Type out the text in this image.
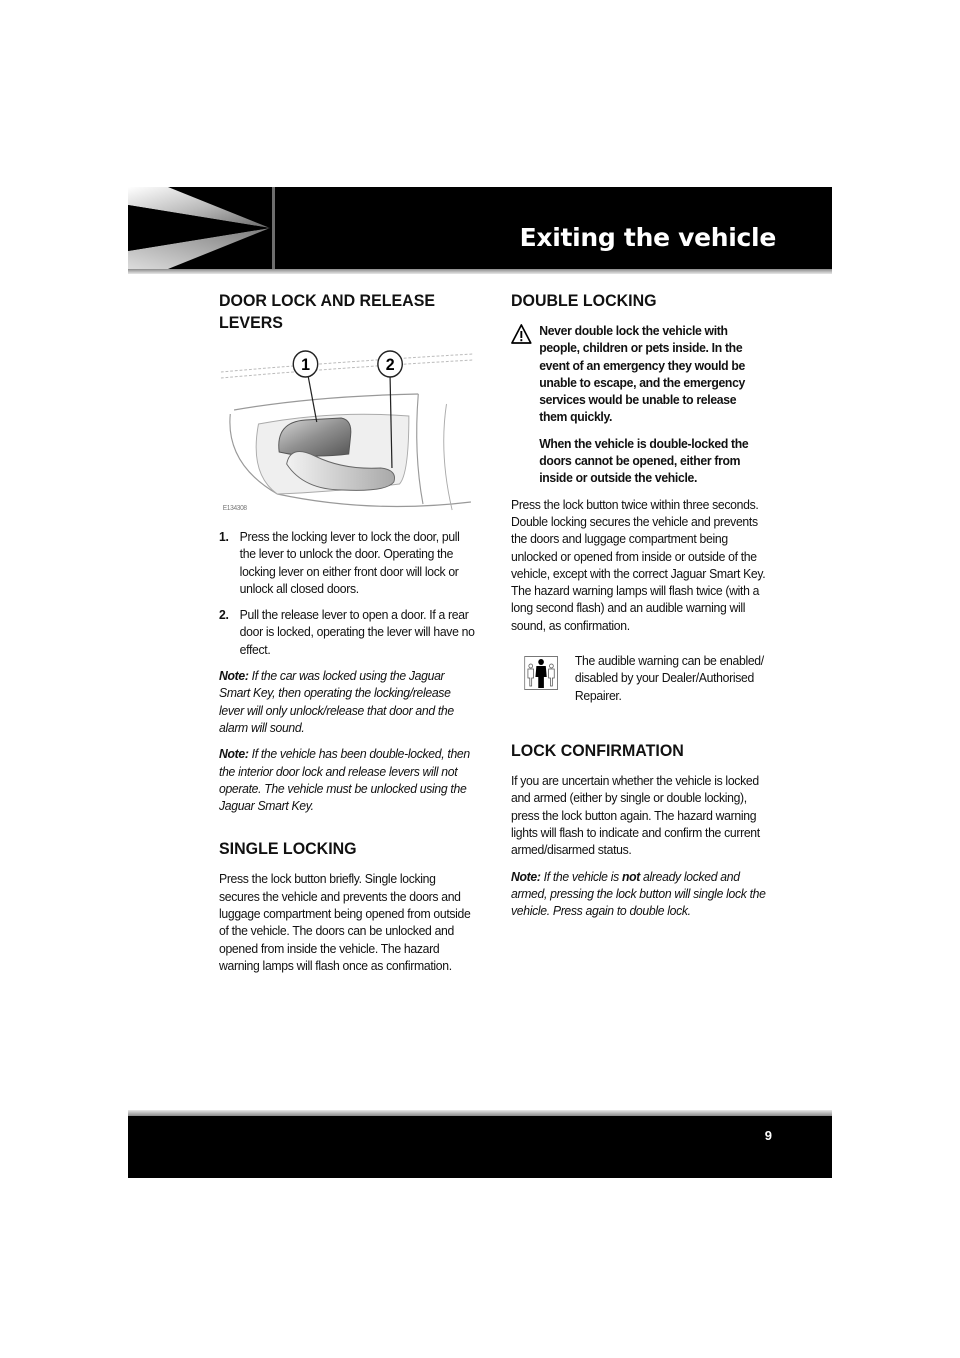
Exiting the vehicle
DOOR LOCK AND RELEASE LEVERS
1	2
E134308
1. Press the locking lever to lock the door, pull the lever to unlock the door. Operating the locking lever on either front door will lock or unlock all closed doors.
2. Pull the release lever to open a door. If a rear door is locked, operating the lever will have no effect.

Note: If the car was locked using the Jaguar Smart Key, then operating the locking/release lever will only unlock/release that door and the alarm will sound.

Note: If the vehicle has been double-locked, then the interior door lock and release levers will not operate. The vehicle must be unlocked using the Jaguar Smart Key.

SINGLE LOCKING

Press the lock button briefly. Single locking secures the vehicle and prevents the doors and luggage compartment being opened from outside of the vehicle. The doors can be unlocked and opened from inside the vehicle. The hazard warning lamps will flash once as confirmation.

DOUBLE LOCKING

Never double lock the vehicle with people, children or pets inside. In the event of an emergency they would be unable to escape, and the emergency services would be unable to release them quickly.

When the vehicle is double-locked the doors cannot be opened, either from inside or outside the vehicle.

Press the lock button twice within three seconds. Double locking secures the vehicle and prevents the doors and luggage compartment being unlocked or opened from inside or outside of the vehicle, except with the correct Jaguar Smart Key. The hazard warning lamps will flash twice (with a long second flash) and an audible warning will sound, as confirmation.

The audible warning can be enabled/ disabled by your Dealer/Authorised Repairer.

LOCK CONFIRMATION

If you are uncertain whether the vehicle is locked and armed (either by single or double locking), press the lock button again. The hazard warning lights will flash to indicate and confirm the current armed/disarmed status.

Note: If the vehicle is not already locked and armed, pressing the lock button will single lock the vehicle. Press again to double lock.

9
